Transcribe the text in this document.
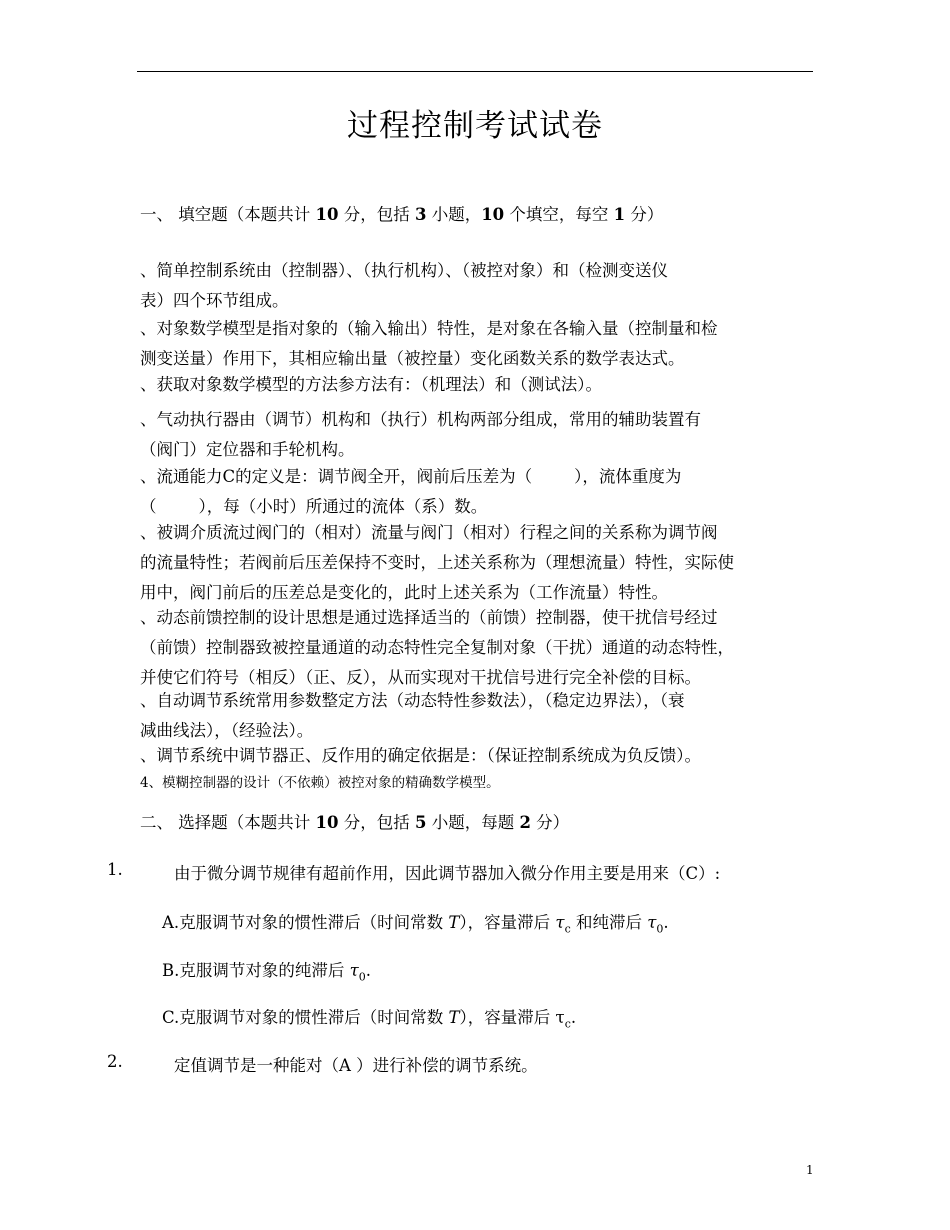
过程控制考试试卷
一、 填空题（本题共计 10 分，包括 3 小题，10 个填空，每空 1 分）
、简单控制系统由（控制器）、（执行机构）、（被控对象）和（检测变送仪
表）四个环节组成。
、对象数学模型是指对象的（输入输出）特性，是对象在各输入量（控制量和检
测变送量）作用下，其相应输出量（被控量）变化函数关系的数学表达式。
、获取对象数学模型的方法参方法有：（机理法）和（测试法）。
、气动执行器由（调节）机构和（执行）机构两部分组成，常用的辅助装置有
（阀门）定位器和手轮机构。
、流通能力C的定义是：调节阀全开，阀前后压差为（        ），流体重度为
（        ），每（小时）所通过的流体（系）数。
、被调介质流过阀门的（相对）流量与阀门（相对）行程之间的关系称为调节阀
的流量特性；若阀前后压差保持不变时，上述关系称为（理想流量）特性，实际使
用中，阀门前后的压差总是变化的，此时上述关系为（工作流量）特性。
、动态前馈控制的设计思想是通过选择适当的（前馈）控制器，使干扰信号经过
（前馈）控制器致被控量通道的动态特性完全复制对象（干扰）通道的动态特性，
并使它们符号（相反）（正、反），从而实现对干扰信号进行完全补偿的目标。
、自动调节系统常用参数整定方法（动态特性参数法），（稳定边界法），（衰
减曲线法），（经验法）。
、调节系统中调节器正、反作用的确定依据是：（保证控制系统成为负反馈）。
4、模糊控制器的设计（不依赖）被控对象的精确数学模型。
二、 选择题（本题共计 10 分，包括 5 小题，每题 2 分）
1.	由于微分调节规律有超前作用，因此调节器加入微分作用主要是用来（C）:
A.克服调节对象的惯性滞后（时间常数 T），容量滞后 $\tau_c$ 和纯滞后 $\tau_0$.
B.克服调节对象的纯滞后 $\tau_0$.
C.克服调节对象的惯性滞后（时间常数 T），容量滞后 $\tau_c$.
2.	定值调节是一种能对（A ）进行补偿的调节系统。
1
